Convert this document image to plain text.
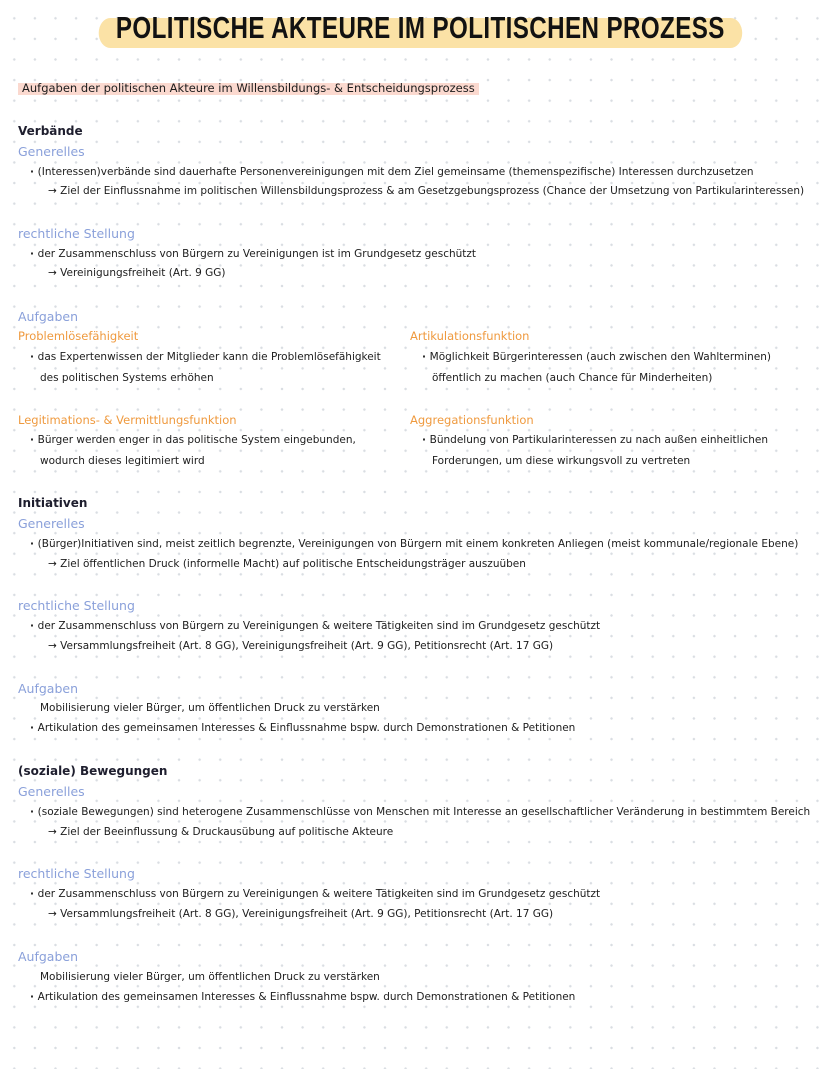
POLITISCHE AKTEURE IM POLITISCHEN PROZESS
Aufgaben der politischen Akteure im Willensbildungs- & Entscheidungsprozess
Verbände
Generelles
· (Interessen)verbände sind dauerhafte Personenvereinigungen mit dem Ziel gemeinsame (themenspezifische) Interessen durchzusetzen
→ Ziel der Einflussnahme im politischen Willensbildungsprozess & am Gesetzgebungsprozess (Chance der Umsetzung von Partikularinteressen)
rechtliche Stellung
· der Zusammenschluss von Bürgern zu Vereinigungen ist im Grundgesetz geschützt
→ Vereinigungsfreiheit (Art. 9 GG)
Aufgaben
Problemlösefähigkeit
· das Expertenwissen der Mitglieder kann die Problemlösefähigkeit
des politischen Systems erhöhen
Artikulationsfunktion
· Möglichkeit Bürgerinteressen (auch zwischen den Wahlterminen)
öffentlich zu machen (auch Chance für Minderheiten)
Legitimations- & Vermittlungsfunktion
· Bürger werden enger in das politische System eingebunden,
wodurch dieses legitimiert wird
Aggregationsfunktion
· Bündelung von Partikularinteressen zu nach außen einheitlichen
Forderungen, um diese wirkungsvoll zu vertreten
Initiativen
Generelles
· (Bürger)Initiativen sind, meist zeitlich begrenzte, Vereinigungen von Bürgern mit einem konkreten Anliegen (meist kommunale/regionale Ebene)
→ Ziel öffentlichen Druck (informelle Macht) auf politische Entscheidungsträger auszuüben
rechtliche Stellung
· der Zusammenschluss von Bürgern zu Vereinigungen & weitere Tätigkeiten sind im Grundgesetz geschützt
→ Versammlungsfreiheit (Art. 8 GG), Vereinigungsfreiheit (Art. 9 GG), Petitionsrecht (Art. 17 GG)
Aufgaben
Mobilisierung vieler Bürger, um öffentlichen Druck zu verstärken
· Artikulation des gemeinsamen Interesses & Einflussnahme bspw. durch Demonstrationen & Petitionen
(soziale) Bewegungen
Generelles
· (soziale Bewegungen) sind heterogene Zusammenschlüsse von Menschen mit Interesse an gesellschaftlicher Veränderung in bestimmtem Bereich
→ Ziel der Beeinflussung & Druckausübung auf politische Akteure
rechtliche Stellung
· der Zusammenschluss von Bürgern zu Vereinigungen & weitere Tätigkeiten sind im Grundgesetz geschützt
→ Versammlungsfreiheit (Art. 8 GG), Vereinigungsfreiheit (Art. 9 GG), Petitionsrecht (Art. 17 GG)
Aufgaben
Mobilisierung vieler Bürger, um öffentlichen Druck zu verstärken
· Artikulation des gemeinsamen Interesses & Einflussnahme bspw. durch Demonstrationen & Petitionen
